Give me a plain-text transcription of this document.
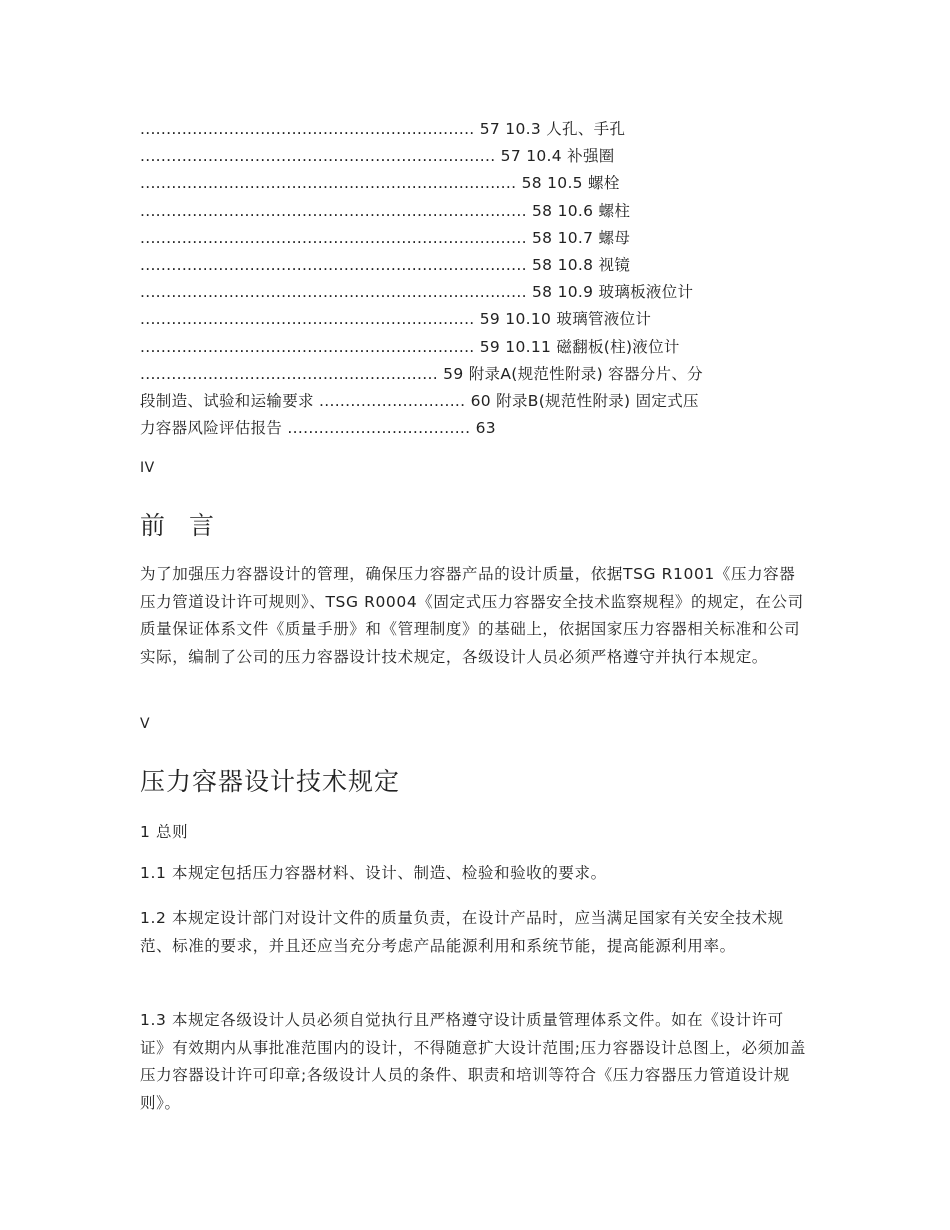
................................................................ 57 10.3 人孔、手孔
.................................................................... 57 10.4 补强圈
........................................................................ 58 10.5 螺栓
.......................................................................... 58 10.6 螺柱
.......................................................................... 58 10.7 螺母
.......................................................................... 58 10.8 视镜
.......................................................................... 58 10.9 玻璃板液位计
................................................................ 59 10.10 玻璃管液位计
................................................................ 59 10.11 磁翻板(柱)液位计
......................................................... 59 附录A(规范性附录) 容器分片、分
段制造、试验和运输要求 ............................ 60 附录B(规范性附录) 固定式压
力容器风险评估报告 ................................... 63
IV
前 言

为了加强压力容器设计的管理，确保压力容器产品的设计质量，依据TSG R1001《压力容器压力管道设计许可规则》、TSG R0004《固定式压力容器安全技术监察规程》的规定，在公司质量保证体系文件《质量手册》和《管理制度》的基础上，依据国家压力容器相关标准和公司实际，编制了公司的压力容器设计技术规定，各级设计人员必须严格遵守并执行本规定。

V
压力容器设计技术规定

1 总则

1.1 本规定包括压力容器材料、设计、制造、检验和验收的要求。

1.2 本规定设计部门对设计文件的质量负责，在设计产品时，应当满足国家有关安全技术规范、标准的要求，并且还应当充分考虑产品能源利用和系统节能，提高能源利用率。

1.3 本规定各级设计人员必须自觉执行且严格遵守设计质量管理体系文件。如在《设计许可证》有效期内从事批准范围内的设计，不得随意扩大设计范围;压力容器设计总图上，必须加盖压力容器设计许可印章;各级设计人员的条件、职责和培训等符合《压力容器压力管道设计规则》。
